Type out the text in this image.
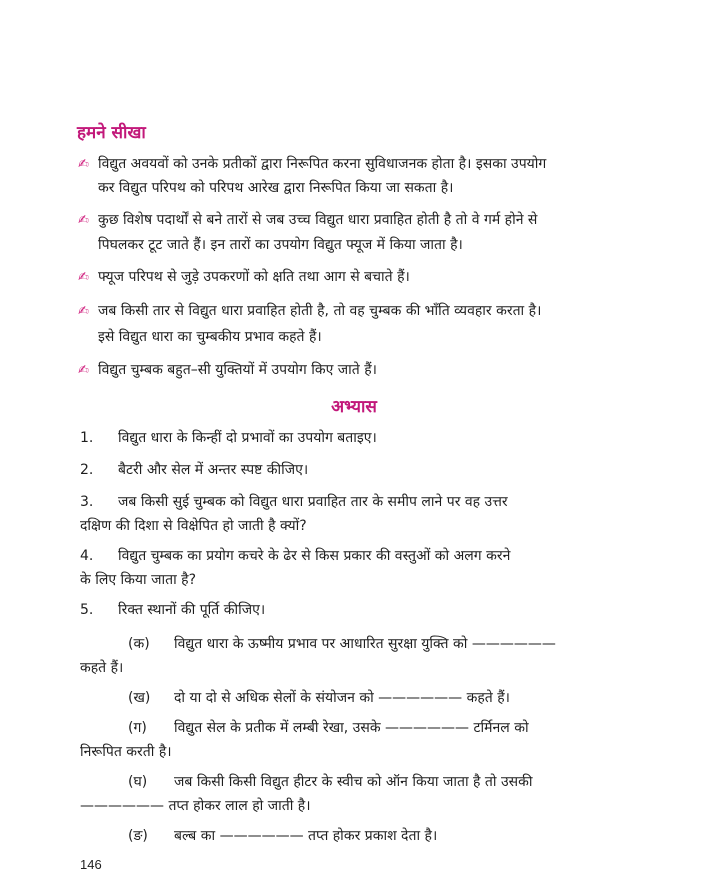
हमने सीखा
✍ विद्युत अवयवों को उनके प्रतीकों द्वारा निरूपित करना सुविधाजनक होता है। इसका उपयोग
कर विद्युत परिपथ को परिपथ आरेख द्वारा निरूपित किया जा सकता है।
✍ कुछ विशेष पदार्थों से बने तारों से जब उच्च विद्युत धारा प्रवाहित होती है तो वे गर्म होने से
पिघलकर टूट जाते हैं। इन तारों का उपयोग विद्युत फ्यूज में किया जाता है।
✍ फ्यूज परिपथ से जुड़े उपकरणों को क्षति तथा आग से बचाते हैं।
✍ जब किसी तार से विद्युत धारा प्रवाहित होती है, तो वह चुम्बक की भाँति व्यवहार करता है।
इसे विद्युत धारा का चुम्बकीय प्रभाव कहते हैं।
✍ विद्युत चुम्बक बहुत–सी युक्तियों में उपयोग किए जाते हैं।
अभ्यास
1. विद्युत धारा के किन्हीं दो प्रभावों का उपयोग बताइए।
2. बैटरी और सेल में अन्तर स्पष्ट कीजिए।
3. जब किसी सुई चुम्बक को विद्युत धारा प्रवाहित तार के समीप लाने पर वह उत्तर
दक्षिण की दिशा से विक्षेपित हो जाती है क्यों?
4. विद्युत चुम्बक का प्रयोग कचरे के ढेर से किस प्रकार की वस्तुओं को अलग करने
के लिए किया जाता है?
5. रिक्त स्थानों की पूर्ति कीजिए।
(क) विद्युत धारा के ऊष्मीय प्रभाव पर आधारित सुरक्षा युक्ति को ——————
कहते हैं।
(ख) दो या दो से अधिक सेलों के संयोजन को —————— कहते हैं।
(ग) विद्युत सेल के प्रतीक में लम्बी रेखा, उसके —————— टर्मिनल को
निरूपित करती है।
(घ) जब किसी किसी विद्युत हीटर के स्वीच को ऑन किया जाता है तो उसकी
—————— तप्त होकर लाल हो जाती है।
(ङ) बल्ब का —————— तप्त होकर प्रकाश देता है।
146
